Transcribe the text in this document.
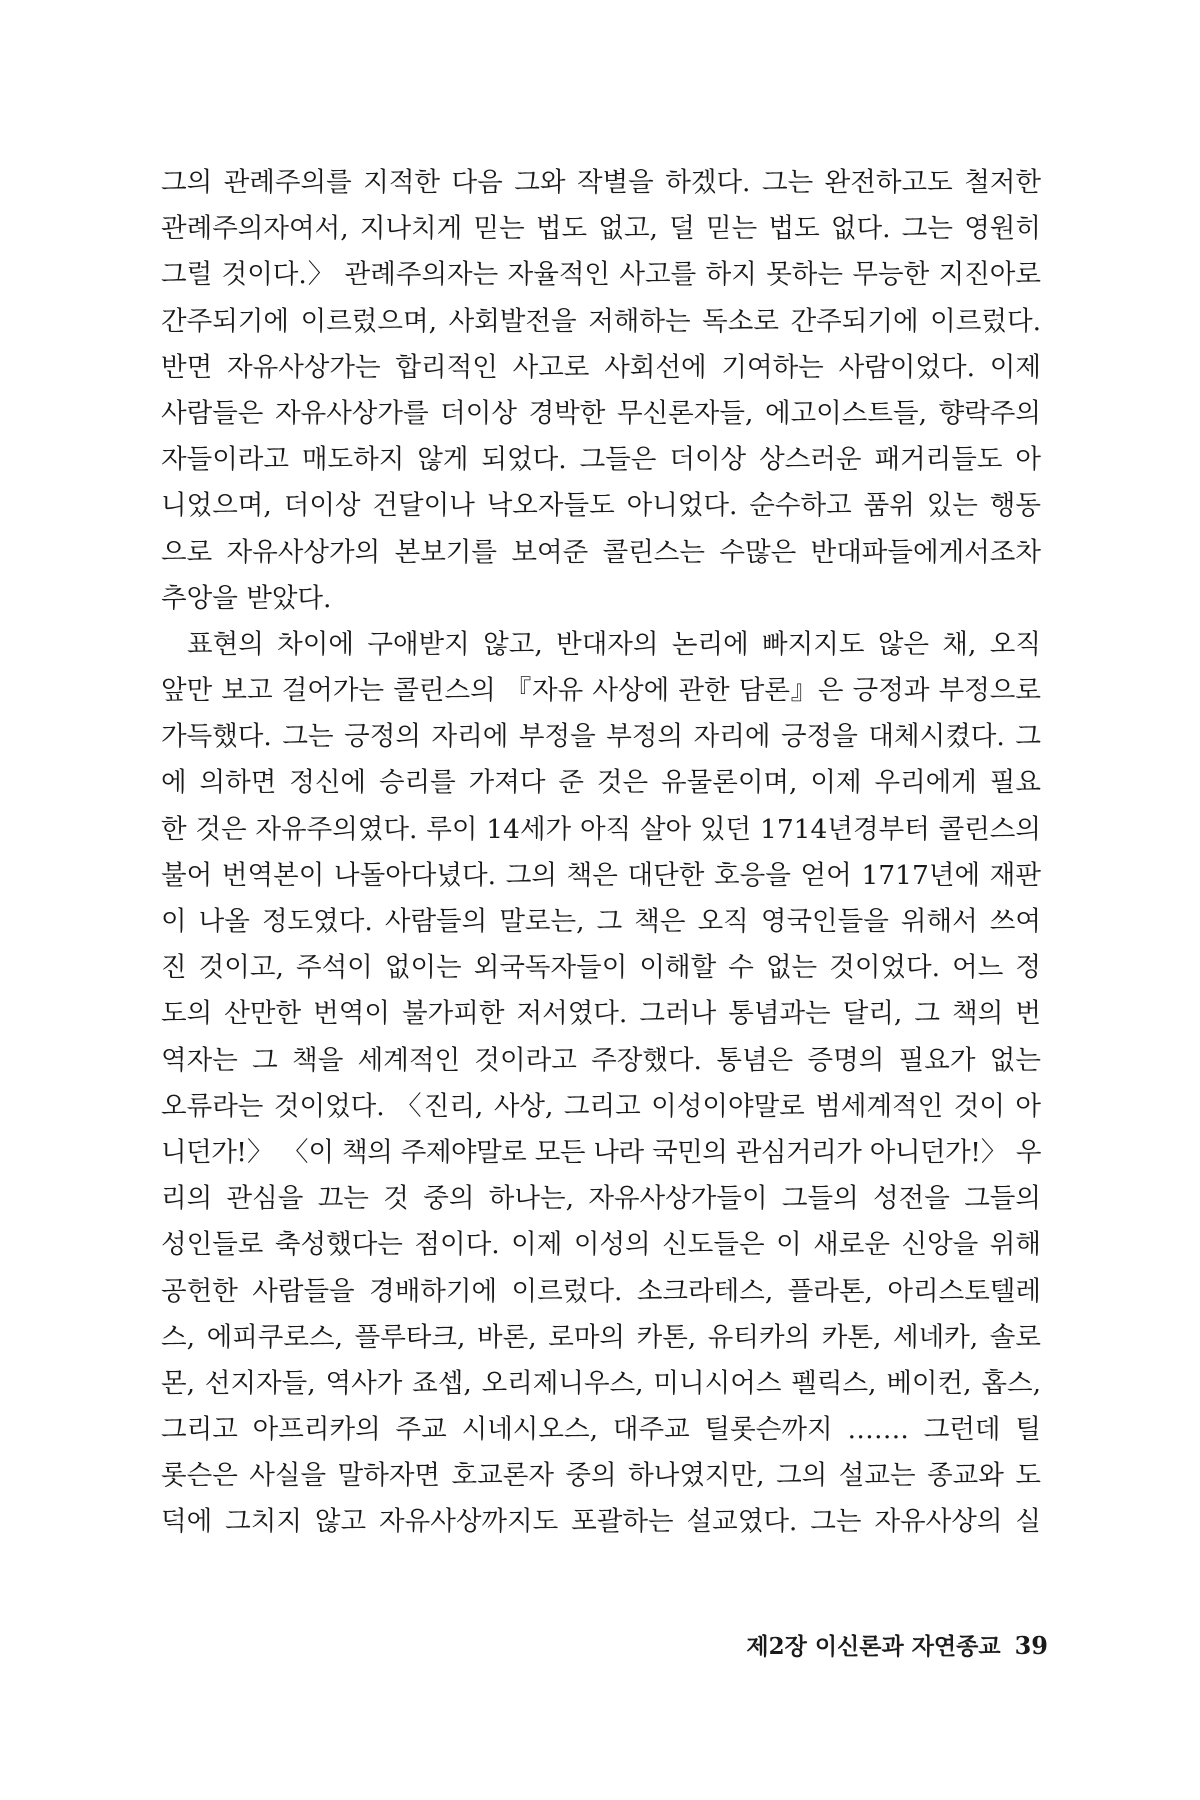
그의 관례주의를 지적한 다음 그와 작별을 하겠다. 그는 완전하고도 철저한
관례주의자여서, 지나치게 믿는 법도 없고, 덜 믿는 법도 없다. 그는 영원히
그럴 것이다.〉 관례주의자는 자율적인 사고를 하지 못하는 무능한 지진아로
간주되기에 이르렀으며, 사회발전을 저해하는 독소로 간주되기에 이르렀다.
반면 자유사상가는 합리적인 사고로 사회선에 기여하는 사람이었다. 이제
사람들은 자유사상가를 더이상 경박한 무신론자들, 에고이스트들, 향락주의
자들이라고 매도하지 않게 되었다. 그들은 더이상 상스러운 패거리들도 아
니었으며, 더이상 건달이나 낙오자들도 아니었다. 순수하고 품위 있는 행동
으로 자유사상가의 본보기를 보여준 콜린스는 수많은 반대파들에게서조차
추앙을 받았다.
표현의 차이에 구애받지 않고, 반대자의 논리에 빠지지도 않은 채, 오직
앞만 보고 걸어가는 콜린스의 『자유 사상에 관한 담론』은 긍정과 부정으로
가득했다. 그는 긍정의 자리에 부정을 부정의 자리에 긍정을 대체시켰다. 그
에 의하면 정신에 승리를 가져다 준 것은 유물론이며, 이제 우리에게 필요
한 것은 자유주의였다. 루이 14세가 아직 살아 있던 1714년경부터 콜린스의
불어 번역본이 나돌아다녔다. 그의 책은 대단한 호응을 얻어 1717년에 재판
이 나올 정도였다. 사람들의 말로는, 그 책은 오직 영국인들을 위해서 쓰여
진 것이고, 주석이 없이는 외국독자들이 이해할 수 없는 것이었다. 어느 정
도의 산만한 번역이 불가피한 저서였다. 그러나 통념과는 달리, 그 책의 번
역자는 그 책을 세계적인 것이라고 주장했다. 통념은 증명의 필요가 없는
오류라는 것이었다. 〈진리, 사상, 그리고 이성이야말로 범세계적인 것이 아
니던가!〉 〈이 책의 주제야말로 모든 나라 국민의 관심거리가 아니던가!〉 우
리의 관심을 끄는 것 중의 하나는, 자유사상가들이 그들의 성전을 그들의
성인들로 축성했다는 점이다. 이제 이성의 신도들은 이 새로운 신앙을 위해
공헌한 사람들을 경배하기에 이르렀다. 소크라테스, 플라톤, 아리스토텔레
스, 에피쿠로스, 플루타크, 바론, 로마의 카톤, 유티카의 카톤, 세네카, 솔로
몬, 선지자들, 역사가 죠셉, 오리제니우스, 미니시어스 펠릭스, 베이컨, 홉스,
그리고 아프리카의 주교 시네시오스, 대주교 틸롯슨까지 ……. 그런데 틸
롯슨은 사실을 말하자면 호교론자 중의 하나였지만, 그의 설교는 종교와 도
덕에 그치지 않고 자유사상까지도 포괄하는 설교였다. 그는 자유사상의 실
제2장 이신론과 자연종교 39
